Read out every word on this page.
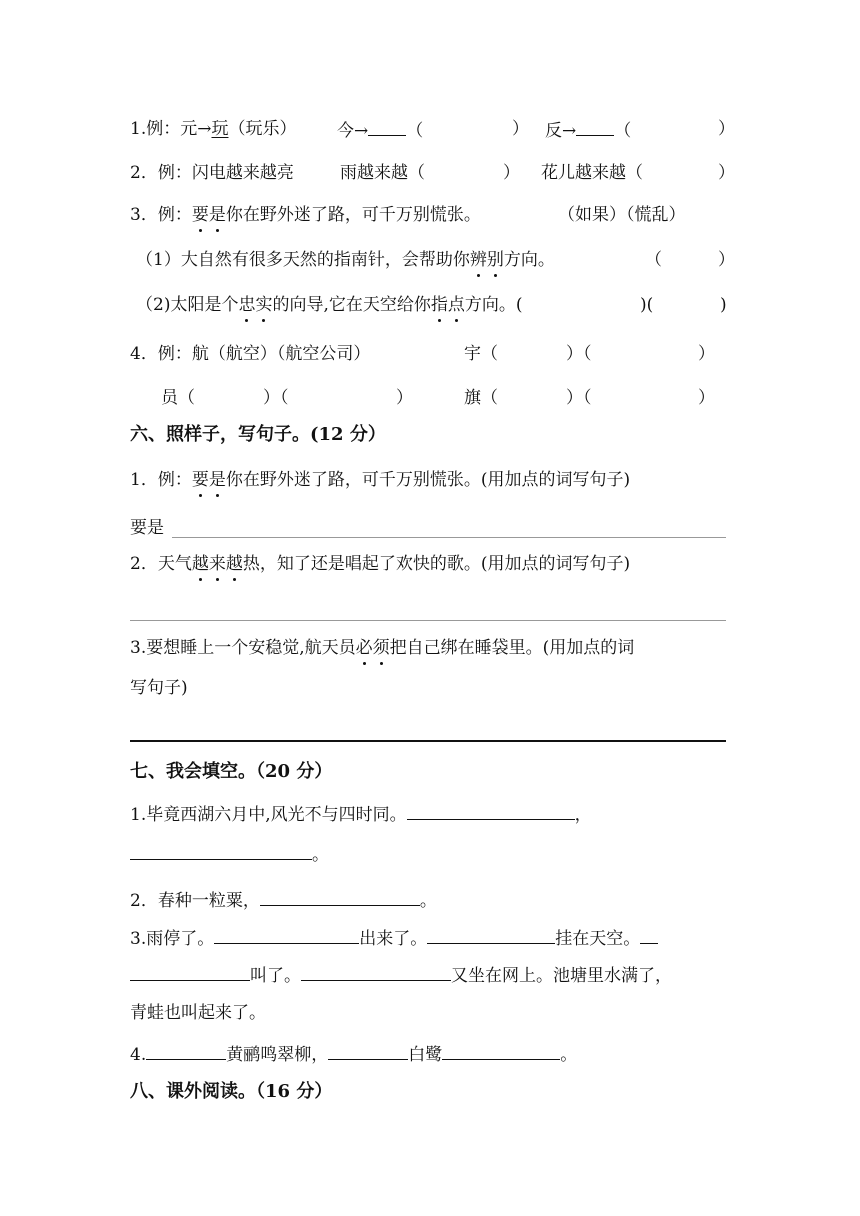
1.例：元→玩（玩乐） 今→ （	） 反→ （	）
2．例：闪电越来越亮	雨越来越（	） 花儿越来越（	）
3．例：要是你在野外迷了路，可千万别慌张。	（如果）（慌乱）
（1）大自然有很多天然的指南针，会帮助你辨别方向。	（	）
（2)太阳是个忠实的向导,它在天空给你指点方向。(	)(	)
4．例：航（航空）（航空公司）	宇（	）（	）
员（	）（	）	旗（	）（	）
六、照样子，写句子。(12 分）
1．例：要是你在野外迷了路，可千万别慌张。(用加点的词写句子)
要是
2．天气越来越热，知了还是唱起了欢快的歌。(用加点的词写句子)
3.要想睡上一个安稳觉,航天员必须把自己绑在睡袋里。(用加点的词
写句子)
七、我会填空。（20 分）
1.毕竟西湖六月中,风光不与四时同。	，
。
2．春种一粒粟，	。
3.雨停了。	出来了。	挂在天空。
叫了。	又坐在网上。池塘里水满了，
青蛙也叫起来了。
4.	黄鹂鸣翠柳，	白鹭	。
八、课外阅读。（16 分）
